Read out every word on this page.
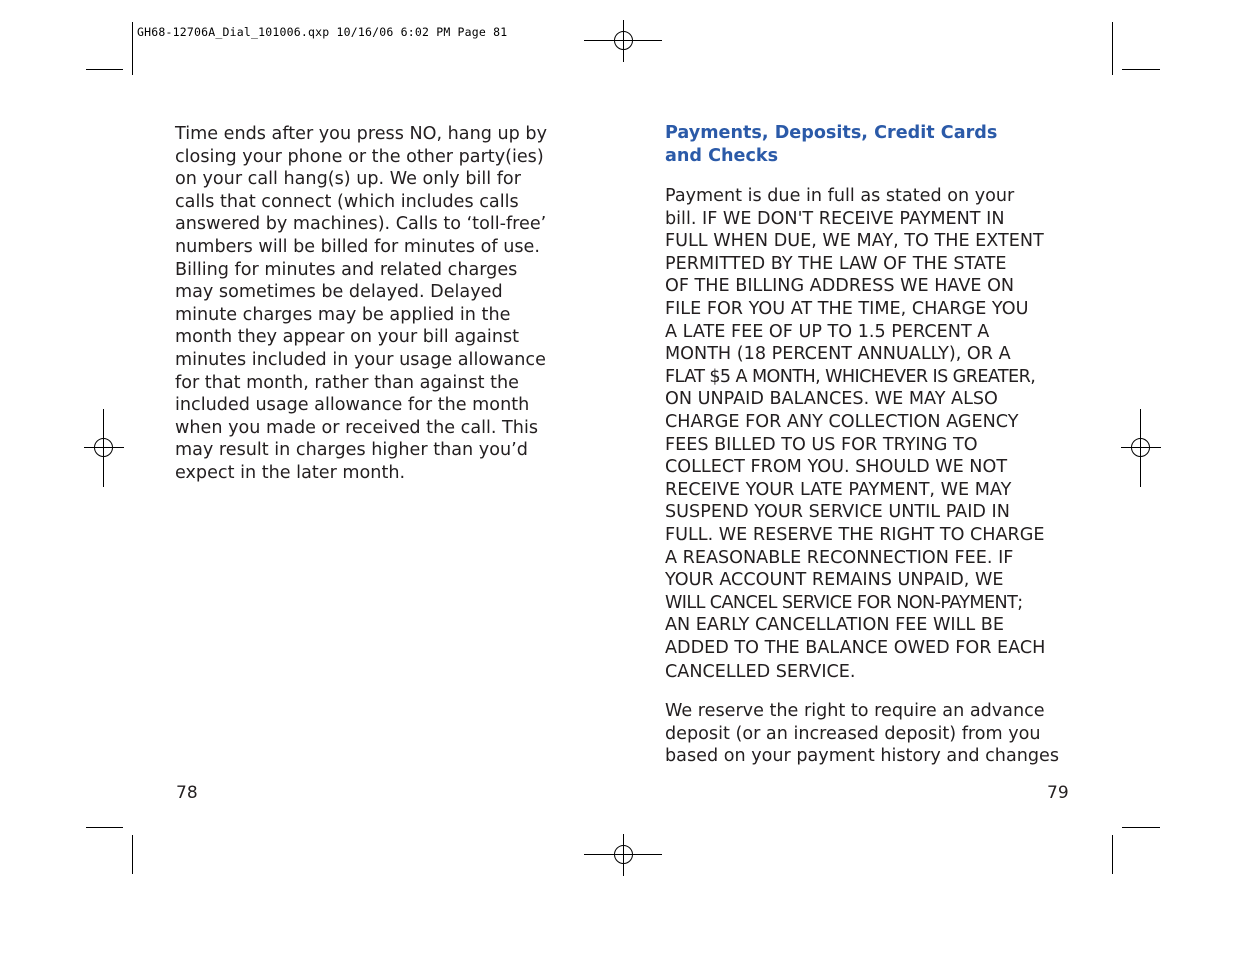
GH68-12706A_Dial_101006.qxp 10/16/06 6:02 PM Page 81
Time ends after you press NO, hang up by
closing your phone or the other party(ies)
on your call hang(s) up. We only bill for
calls that connect (which includes calls
answered by machines). Calls to ‘toll-free’
numbers will be billed for minutes of use.
Billing for minutes and related charges
may sometimes be delayed. Delayed
minute charges may be applied in the
month they appear on your bill against
minutes included in your usage allowance
for that month, rather than against the
included usage allowance for the month
when you made or received the call. This
may result in charges higher than you’d
expect in the later month.
78
Payments, Deposits, Credit Cards
and Checks
Payment is due in full as stated on your
bill. IF WE DON'T RECEIVE PAYMENT IN
FULL WHEN DUE, WE MAY, TO THE EXTENT
PERMITTED BY THE LAW OF THE STATE
OF THE BILLING ADDRESS WE HAVE ON
FILE FOR YOU AT THE TIME, CHARGE YOU
A LATE FEE OF UP TO 1.5 PERCENT A
MONTH (18 PERCENT ANNUALLY), OR A
FLAT $5 A MONTH, WHICHEVER IS GREATER,
ON UNPAID BALANCES. WE MAY ALSO
CHARGE FOR ANY COLLECTION AGENCY
FEES BILLED TO US FOR TRYING TO
COLLECT FROM YOU. SHOULD WE NOT
RECEIVE YOUR LATE PAYMENT, WE MAY
SUSPEND YOUR SERVICE UNTIL PAID IN
FULL. WE RESERVE THE RIGHT TO CHARGE
A REASONABLE RECONNECTION FEE. IF
YOUR ACCOUNT REMAINS UNPAID, WE
WILL CANCEL SERVICE FOR NON-PAYMENT;
AN EARLY CANCELLATION FEE WILL BE
ADDED TO THE BALANCE OWED FOR EACH
CANCELLED SERVICE.
We reserve the right to require an advance
deposit (or an increased deposit) from you
based on your payment history and changes
79
